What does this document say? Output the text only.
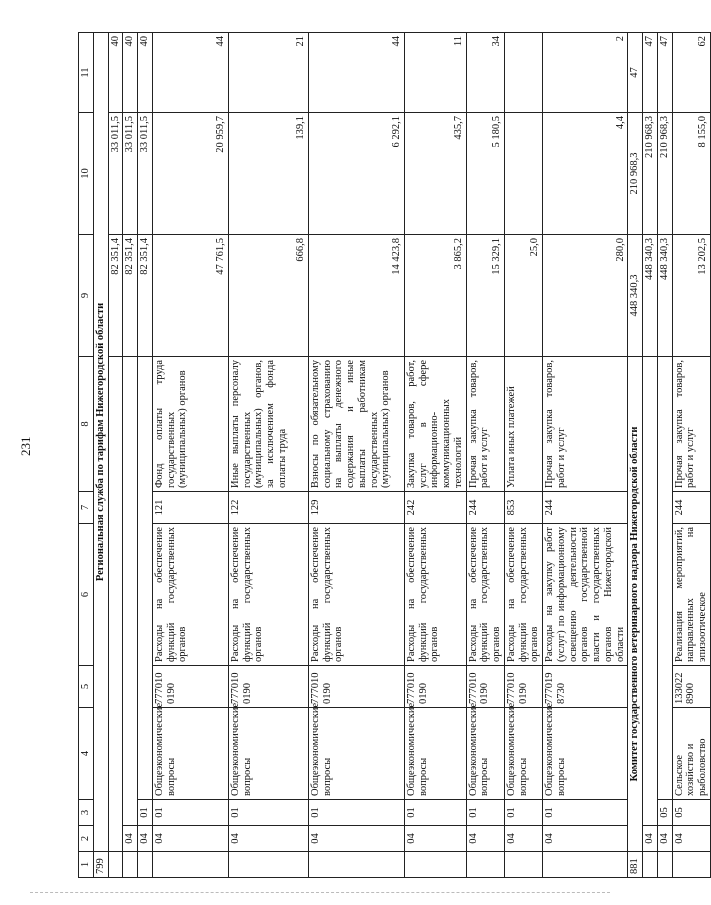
231
1	2	3	4	5	6	7	8	9	10	11
799	Региональная служба по тарифам Нижегородской области									
								82 351,4	33 011,5	40
	04							82 351,4	33 011,5	40
	04	01						82 351,4	33 011,5	40
	04	01	Общеэкономические вопросы	777010 0190	Расходы на обеспечение функций государственных органов	121	Фонд оплаты труда государственных (муниципальных) органов	47 761,5	20 959,7	44
	04	01	Общеэкономические вопросы	777010 0190	Расходы на обеспечение функций государственных органов	122	Иные выплаты персоналу государственных (муниципальных) органов, за исключением фонда оплаты труда	666,8	139,1	21
	04	01	Общеэкономические вопросы	777010 0190	Расходы на обеспечение функций государственных органов	129	Взносы по обязательному социальному страхованию на выплаты денежного содержания и иные выплаты работникам государственных (муниципальных) органов	14 423,8	6 292,1	44
	04	01	Общеэкономические вопросы	777010 0190	Расходы на обеспечение функций государственных органов	242	Закупка товаров, работ, услуг в сфере информационно-коммуникационных технологий	3 865,2	435,7	11
	04	01	Общеэкономические вопросы	777010 0190	Расходы на обеспечение функций государственных органов	244	Прочая закупка товаров, работ и услуг	15 329,1	5 180,5	34
	04	01	Общеэкономические вопросы	777010 0190	Расходы на обеспечение функций государственных органов	853	Уплата иных платежей	25,0		
	04	01	Общеэкономические вопросы	777019 8730	Расходы на закупку работ (услуг) по информационному освещению деятельности органов государственной власти и государственных органов Нижегородской области	244	Прочая закупка товаров, работ и услуг	280,0	4,4	2
881	Комитет государственного ветеринарного надзора Нижегородской области							448 340,3	210 968,3	47
	04							448 340,3	210 968,3	47
	04	05						448 340,3	210 968,3	47
	04	05	Сельское хозяйство и рыболовство	133022 8900	Реализация мероприятий, направленных на эпизоотическое	244	Прочая закупка товаров, работ и услуг	13 202,5	8 155,0	62
